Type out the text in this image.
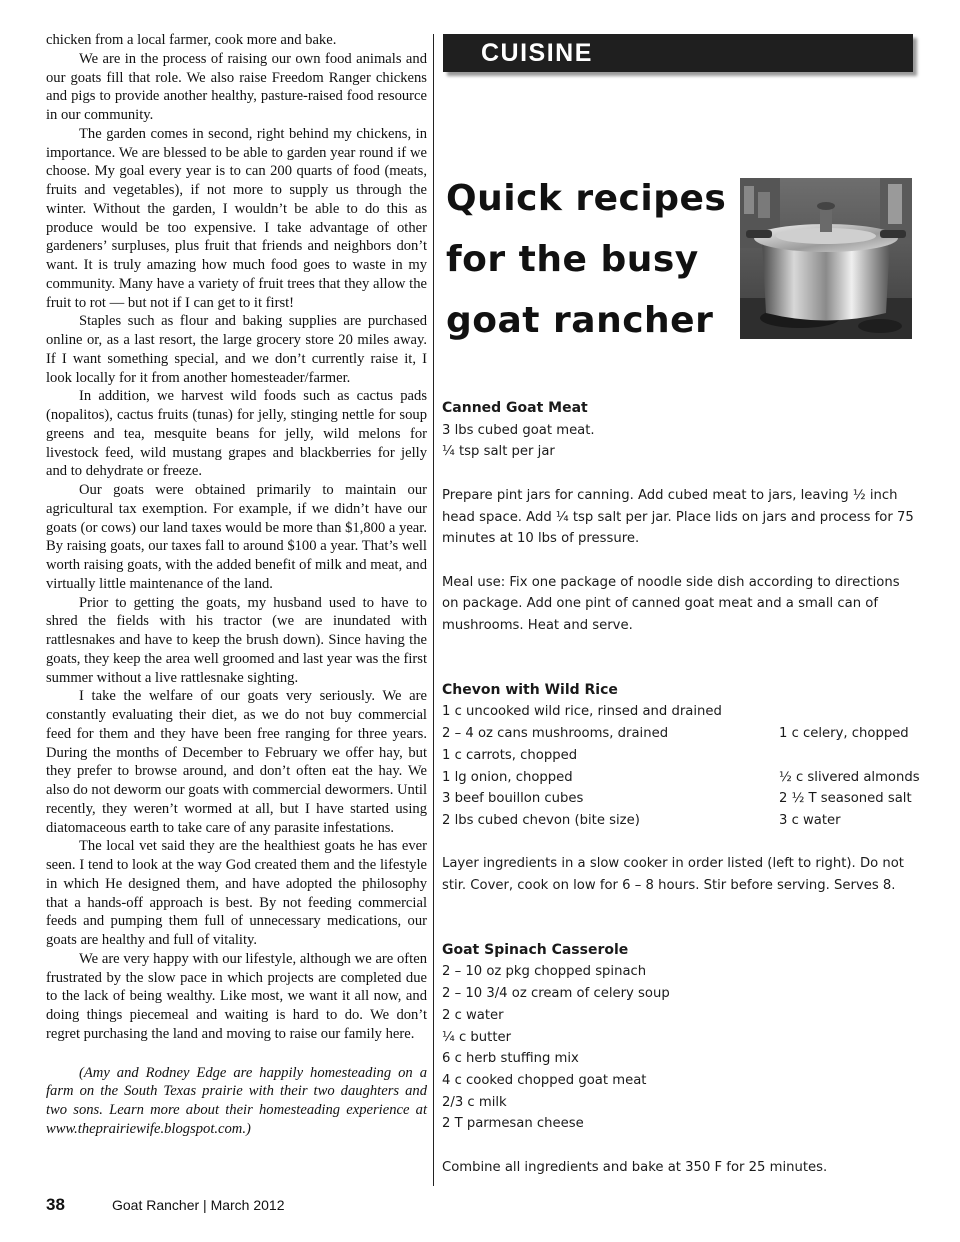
chicken from a local farmer, cook more and bake.

We are in the process of raising our own food animals and our goats fill that role. We also raise Freedom Ranger chickens and pigs to provide another healthy, pasture-raised food resource in our community.

The garden comes in second, right behind my chickens, in importance. We are blessed to be able to garden year round if we choose. My goal every year is to can 200 quarts of food (meats, fruits and vegetables), if not more to supply us through the winter. Without the garden, I wouldn’t be able to do this as produce would be too expensive. I take advantage of other gardeners’ surpluses, plus fruit that friends and neighbors don’t want. It is truly amazing how much food goes to waste in my community. Many have a variety of fruit trees that they allow the fruit to rot — but not if I can get to it first!

Staples such as flour and baking supplies are purchased online or, as a last resort, the large grocery store 20 miles away. If I want something special, and we don’t currently raise it, I look locally for it from another homesteader/farmer.

In addition, we harvest wild foods such as cactus pads (nopalitos), cactus fruits (tunas) for jelly, stinging nettle for soup greens and tea, mesquite beans for jelly, wild melons for livestock feed, wild mustang grapes and blackberries for jelly and to dehydrate or freeze.

Our goats were obtained primarily to maintain our agricultural tax exemption. For example, if we didn’t have our goats (or cows) our land taxes would be more than $1,800 a year. By raising goats, our taxes fall to around $100 a year. That’s well worth raising goats, with the added benefit of milk and meat, and virtually little maintenance of the land.

Prior to getting the goats, my husband used to have to shred the fields with his tractor (we are inundated with rattlesnakes and have to keep the brush down). Since having the goats, they keep the area well groomed and last year was the first summer without a live rattlesnake sighting.

I take the welfare of our goats very seriously. We are constantly evaluating their diet, as we do not buy commercial feed for them and they have been free ranging for three years. During the months of December to February we offer hay, but they prefer to browse around, and don’t often eat the hay. We also do not deworm our goats with commercial dewormers. Until recently, they weren’t wormed at all, but I have started using diatomaceous earth to take care of any parasite infestations.

The local vet said they are the healthiest goats he has ever seen. I tend to look at the way God created them and the lifestyle in which He designed them, and have adopted the philosophy that a hands-off approach is best. By not feeding commercial feeds and pumping them full of unnecessary medications, our goats are healthy and full of vitality.

We are very happy with our lifestyle, although we are often frustrated by the slow pace in which projects are completed due to the lack of being wealthy. Like most, we want it all now, and doing things piecemeal and waiting is hard to do. We don’t regret purchasing the land and moving to raise our family here.

(Amy and Rodney Edge are happily homesteading on a farm on the South Texas prairie with their two daughters and two sons. Learn more about their homesteading experience at www.theprairiewife.blogspot.com.)

CUISINE
Quick recipes
for the busy
goat rancher
Canned Goat Meat
3 lbs cubed goat meat.
¼ tsp salt per jar
Prepare pint jars for canning. Add cubed meat to jars, leaving ½ inch head space. Add ¼ tsp salt per jar. Place lids on jars and process for 75 minutes at 10 lbs of pressure.
Meal use: Fix one package of noodle side dish according to directions on package. Add one pint of canned goat meat and a small can of mushrooms. Heat and serve.
Chevon with Wild Rice
1 c uncooked wild rice, rinsed and drained
2 – 4 oz cans mushrooms, drained	1 c celery, chopped
1 c carrots, chopped
1 lg onion, chopped	½ c slivered almonds
3 beef bouillon cubes	2 ½ T seasoned salt
2 lbs cubed chevon (bite size)	3 c water
Layer ingredients in a slow cooker in order listed (left to right). Do not stir. Cover, cook on low for 6 – 8 hours. Stir before serving. Serves 8.
Goat Spinach Casserole
2 – 10 oz pkg chopped spinach
2 – 10 3/4 oz cream of celery soup
2 c water
¼ c butter
6 c herb stuffing mix
4 c cooked chopped goat meat
2/3 c milk
2 T parmesan cheese
Combine all ingredients and bake at 350 F for 25 minutes.
38	Goat Rancher | March 2012
